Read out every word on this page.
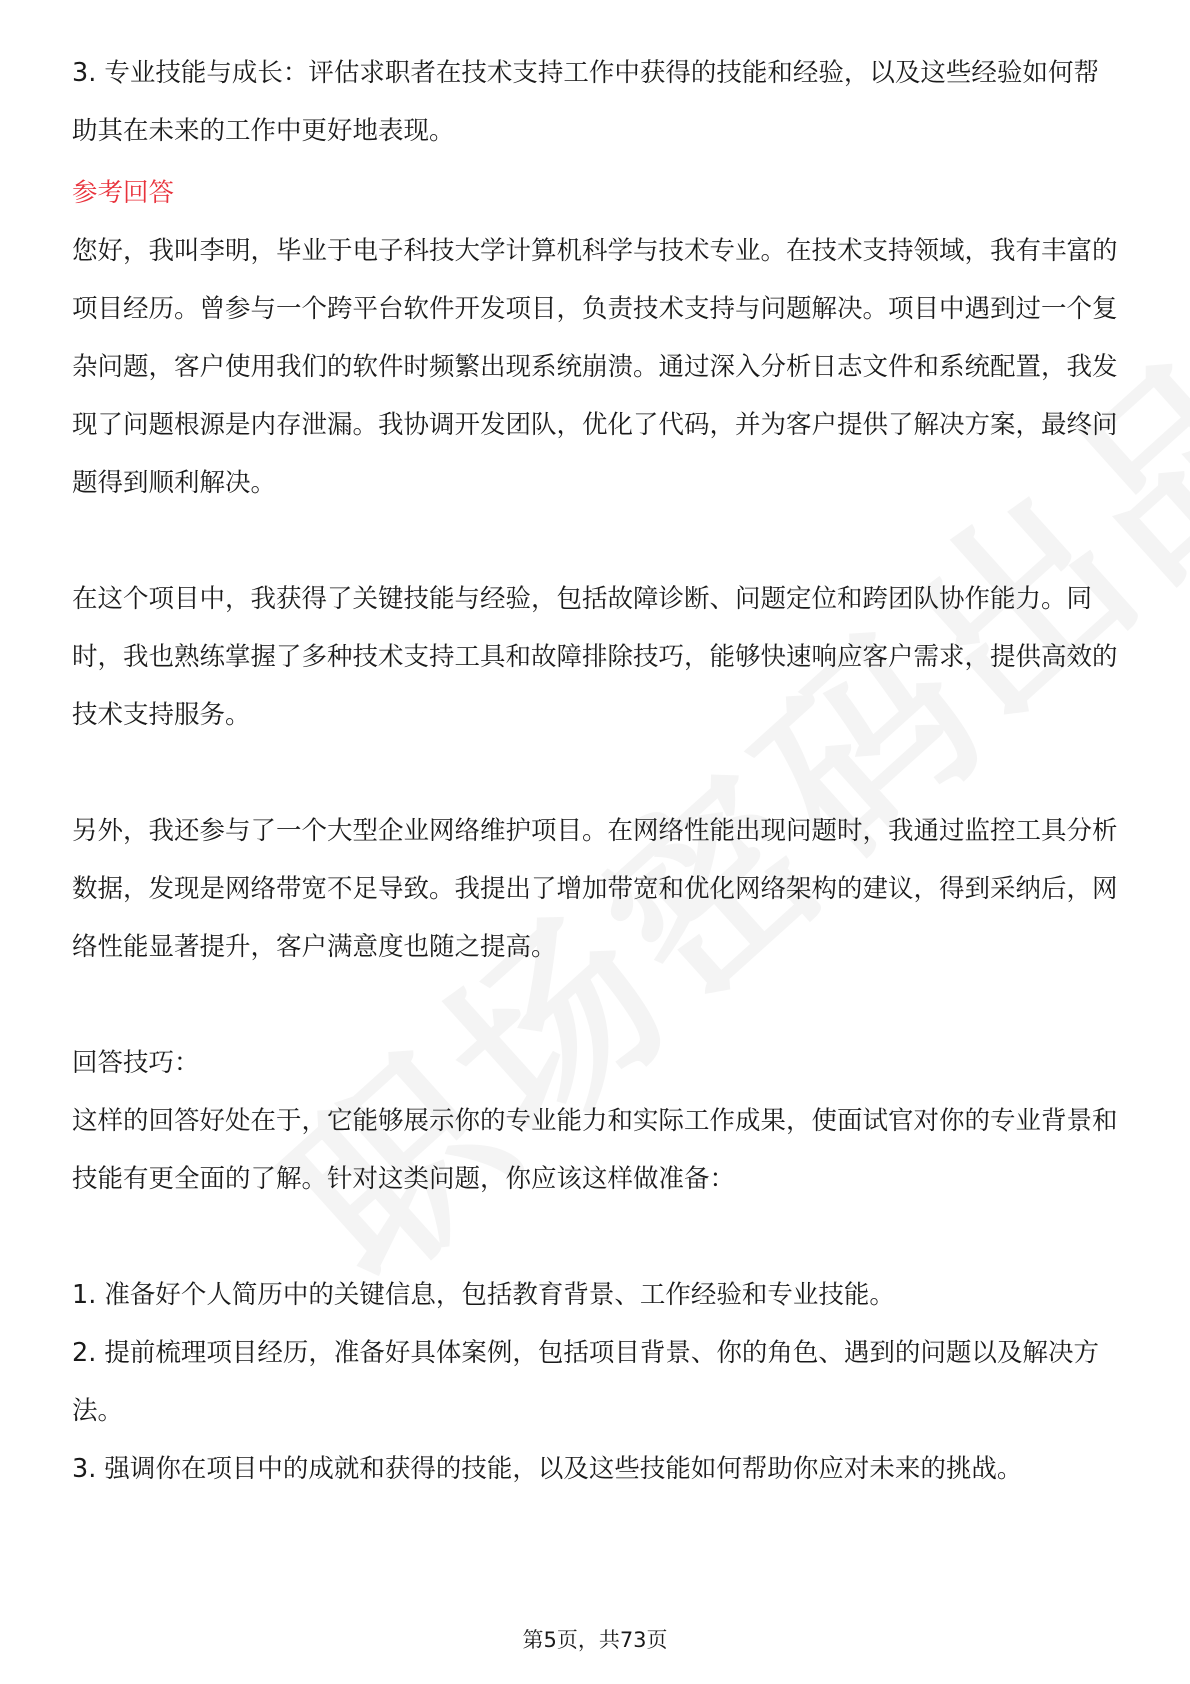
3. 专业技能与成长：评估求职者在技术支持工作中获得的技能和经验，以及这些经验如何帮助其在未来的工作中更好地表现。

参考回答

您好，我叫李明，毕业于电子科技大学计算机科学与技术专业。在技术支持领域，我有丰富的项目经历。曾参与一个跨平台软件开发项目，负责技术支持与问题解决。项目中遇到过一个复杂问题，客户使用我们的软件时频繁出现系统崩溃。通过深入分析日志文件和系统配置，我发现了问题根源是内存泄漏。我协调开发团队，优化了代码，并为客户提供了解决方案，最终问题得到顺利解决。

在这个项目中，我获得了关键技能与经验，包括故障诊断、问题定位和跨团队协作能力。同时，我也熟练掌握了多种技术支持工具和故障排除技巧，能够快速响应客户需求，提供高效的技术支持服务。

另外，我还参与了一个大型企业网络维护项目。在网络性能出现问题时，我通过监控工具分析数据，发现是网络带宽不足导致。我提出了增加带宽和优化网络架构的建议，得到采纳后，网络性能显著提升，客户满意度也随之提高。

回答技巧：

这样的回答好处在于，它能够展示你的专业能力和实际工作成果，使面试官对你的专业背景和技能有更全面的了解。针对这类问题，你应该这样做准备：

1. 准备好个人简历中的关键信息，包括教育背景、工作经验和专业技能。

2. 提前梳理项目经历，准备好具体案例，包括项目背景、你的角色、遇到的问题以及解决方法。

3. 强调你在项目中的成就和获得的技能，以及这些技能如何帮助你应对未来的挑战。

第5页，共73页
